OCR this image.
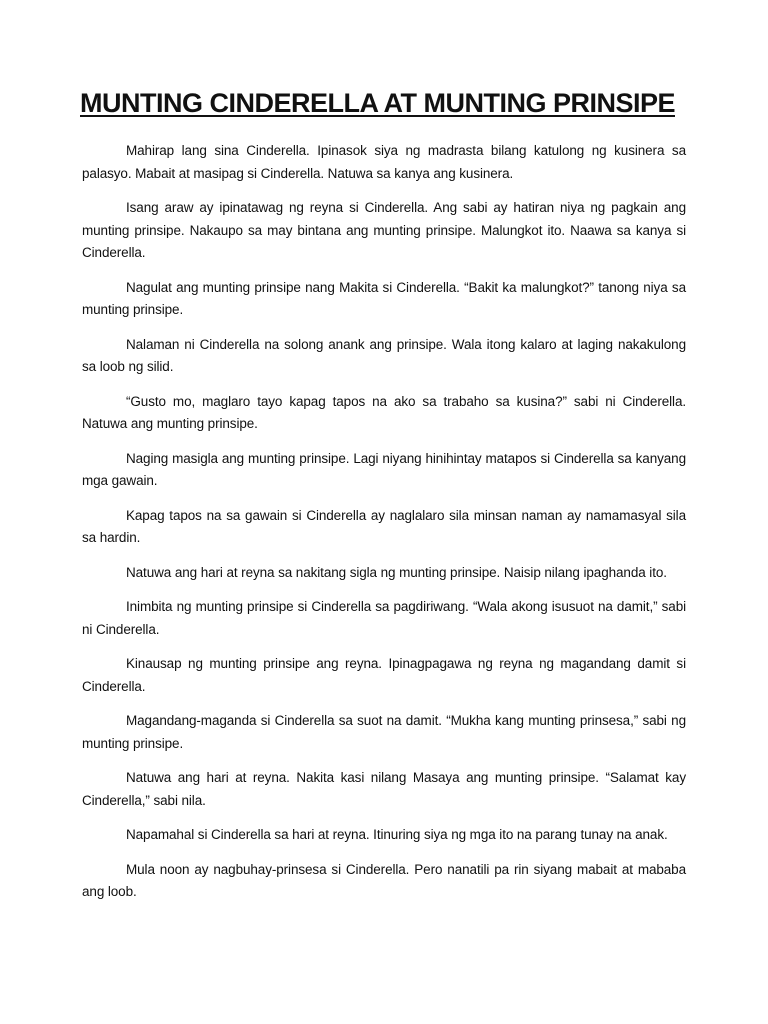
MUNTING CINDERELLA AT MUNTING PRINSIPE

Mahirap lang sina Cinderella. Ipinasok siya ng madrasta bilang katulong ng kusinera sa palasyo. Mabait at masipag si Cinderella. Natuwa sa kanya ang kusinera.

Isang araw ay ipinatawag ng reyna si Cinderella. Ang sabi ay hatiran niya ng pagkain ang munting prinsipe. Nakaupo sa may bintana ang munting prinsipe. Malungkot ito. Naawa sa kanya si Cinderella.

Nagulat ang munting prinsipe nang Makita si Cinderella. “Bakit ka malungkot?” tanong niya sa munting prinsipe.

Nalaman ni Cinderella na solong anank ang prinsipe. Wala itong kalaro at laging nakakulong sa loob ng silid.

“Gusto mo, maglaro tayo kapag tapos na ako sa trabaho sa kusina?” sabi ni Cinderella. Natuwa ang munting prinsipe.

Naging masigla ang munting prinsipe. Lagi niyang hinihintay matapos si Cinderella sa kanyang mga gawain.

Kapag tapos na sa gawain si Cinderella ay naglalaro sila minsan naman ay namamasyal sila sa hardin.

Natuwa ang hari at reyna sa nakitang sigla ng munting prinsipe. Naisip nilang ipaghanda ito.

Inimbita ng munting prinsipe si Cinderella sa pagdiriwang. “Wala akong isusuot na damit,” sabi ni Cinderella.

Kinausap ng munting prinsipe ang reyna. Ipinagpagawa ng reyna ng magandang damit si Cinderella.

Magandang-maganda si Cinderella sa suot na damit. “Mukha kang munting prinsesa,” sabi ng munting prinsipe.

Natuwa ang hari at reyna. Nakita kasi nilang Masaya ang munting prinsipe. “Salamat kay Cinderella,” sabi nila.

Napamahal si Cinderella sa hari at reyna. Itinuring siya ng mga ito na parang tunay na anak.

Mula noon ay nagbuhay-prinsesa si Cinderella. Pero nanatili pa rin siyang mabait at mababa ang loob.
